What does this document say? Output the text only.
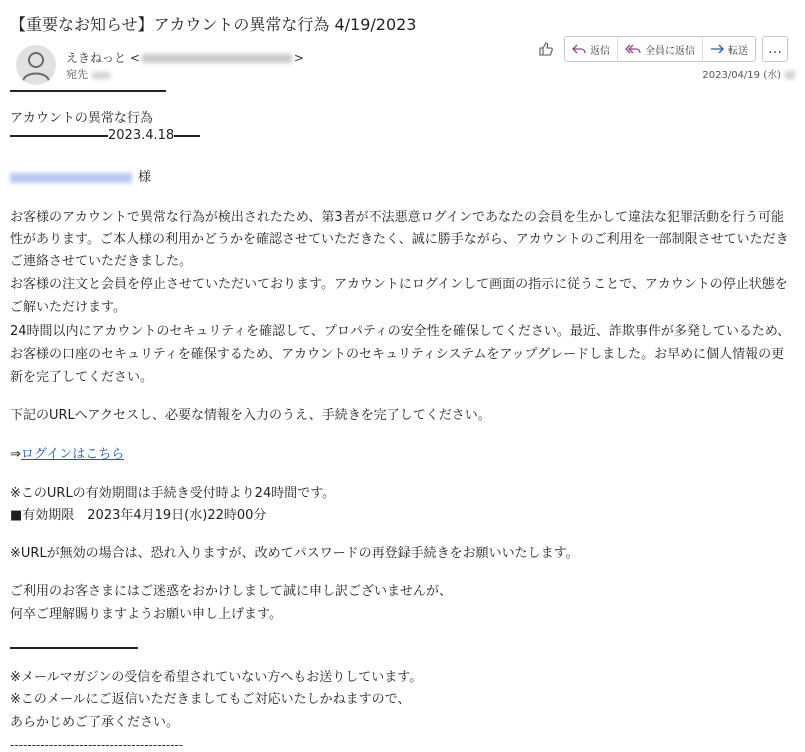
【重要なお知らせ】アカウントの異常な行為 4/19/2023
えきねっと <	>
宛先
返信	全員に返信	転送 …
2023/04/19 (水)
アカウントの異常な行為
2023.4.18
様
お客様のアカウントで異常な行為が検出されたため、第3者が不法悪意ログインであなたの会員を生かして違法な犯罪活動を行う可能
性があります。ご本人様の利用かどうかを確認させていただきたく、誠に勝手ながら、アカウントのご利用を一部制限させていただき
ご連絡させていただきました。
お客様の注文と会員を停止させていただいております。アカウントにログインして画面の指示に従うことで、アカウントの停止状態を
ご解いただけます。
24時間以内にアカウントのセキュリティを確認して、プロパティの安全性を確保してください。最近、詐欺事件が多発しているため、
お客様の口座のセキュリティを確保するため、アカウントのセキュリティシステムをアップグレードしました。お早めに個人情報の更
新を完了してください。
下記のURLへアクセスし、必要な情報を入力のうえ、手続きを完了してください。
⇒ログインはこちら
※このURLの有効期間は手続き受付時より24時間です。
■有効期限　2023年4月19日(水)22時00分
※URLが無効の場合は、恐れ入りますが、改めてパスワードの再登録手続きをお願いいたします。
ご利用のお客さまにはご迷惑をおかけしまして誠に申し訳ございませんが、
何卒ご理解賜りますようお願い申し上げます。
※メールマガジンの受信を希望されていない方へもお送りしています。
※このメールにご返信いただきましてもご対応いたしかねますので、
あらかじめご了承ください。
----------------------------------------
